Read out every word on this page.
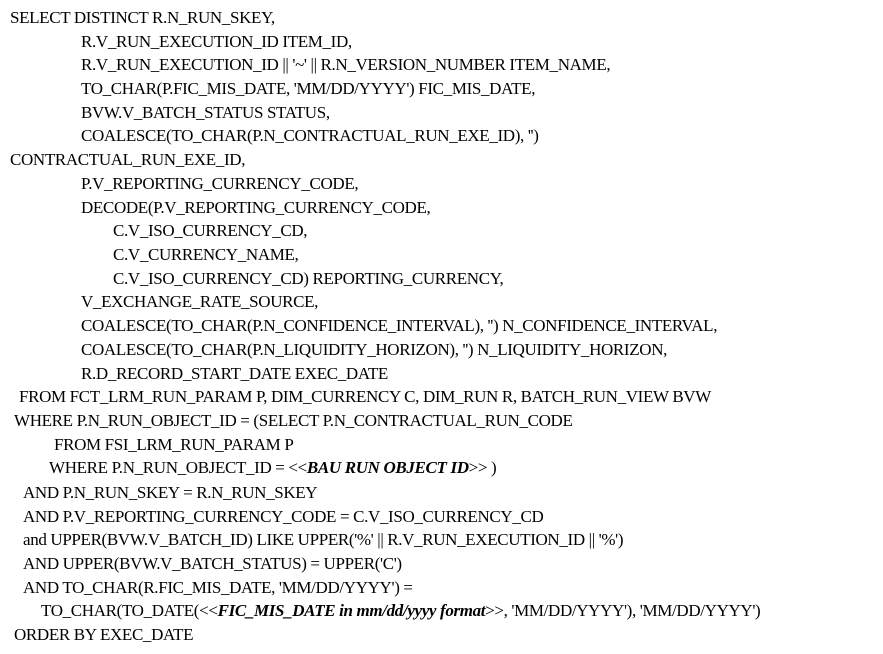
SELECT DISTINCT R.N_RUN_SKEY,
R.V_RUN_EXECUTION_ID ITEM_ID,
R.V_RUN_EXECUTION_ID || '~' || R.N_VERSION_NUMBER ITEM_NAME,
TO_CHAR(P.FIC_MIS_DATE, 'MM/DD/YYYY') FIC_MIS_DATE,
BVW.V_BATCH_STATUS STATUS,
COALESCE(TO_CHAR(P.N_CONTRACTUAL_RUN_EXE_ID), '')
CONTRACTUAL_RUN_EXE_ID,
P.V_REPORTING_CURRENCY_CODE,
DECODE(P.V_REPORTING_CURRENCY_CODE,
C.V_ISO_CURRENCY_CD,
C.V_CURRENCY_NAME,
C.V_ISO_CURRENCY_CD) REPORTING_CURRENCY,
V_EXCHANGE_RATE_SOURCE,
COALESCE(TO_CHAR(P.N_CONFIDENCE_INTERVAL), '') N_CONFIDENCE_INTERVAL,
COALESCE(TO_CHAR(P.N_LIQUIDITY_HORIZON), '') N_LIQUIDITY_HORIZON,
R.D_RECORD_START_DATE EXEC_DATE
FROM FCT_LRM_RUN_PARAM P, DIM_CURRENCY C, DIM_RUN R, BATCH_RUN_VIEW BVW
WHERE P.N_RUN_OBJECT_ID = (SELECT P.N_CONTRACTUAL_RUN_CODE
FROM FSI_LRM_RUN_PARAM P
WHERE P.N_RUN_OBJECT_ID = <<BAU RUN OBJECT ID>> )
AND P.N_RUN_SKEY = R.N_RUN_SKEY
AND P.V_REPORTING_CURRENCY_CODE = C.V_ISO_CURRENCY_CD
and UPPER(BVW.V_BATCH_ID) LIKE UPPER('%' || R.V_RUN_EXECUTION_ID || '%')
AND UPPER(BVW.V_BATCH_STATUS) = UPPER('C')
AND TO_CHAR(R.FIC_MIS_DATE, 'MM/DD/YYYY') =
TO_CHAR(TO_DATE(<<FIC_MIS_DATE in mm/dd/yyyy format>>, 'MM/DD/YYYY'), 'MM/DD/YYYY')
ORDER BY EXEC_DATE
